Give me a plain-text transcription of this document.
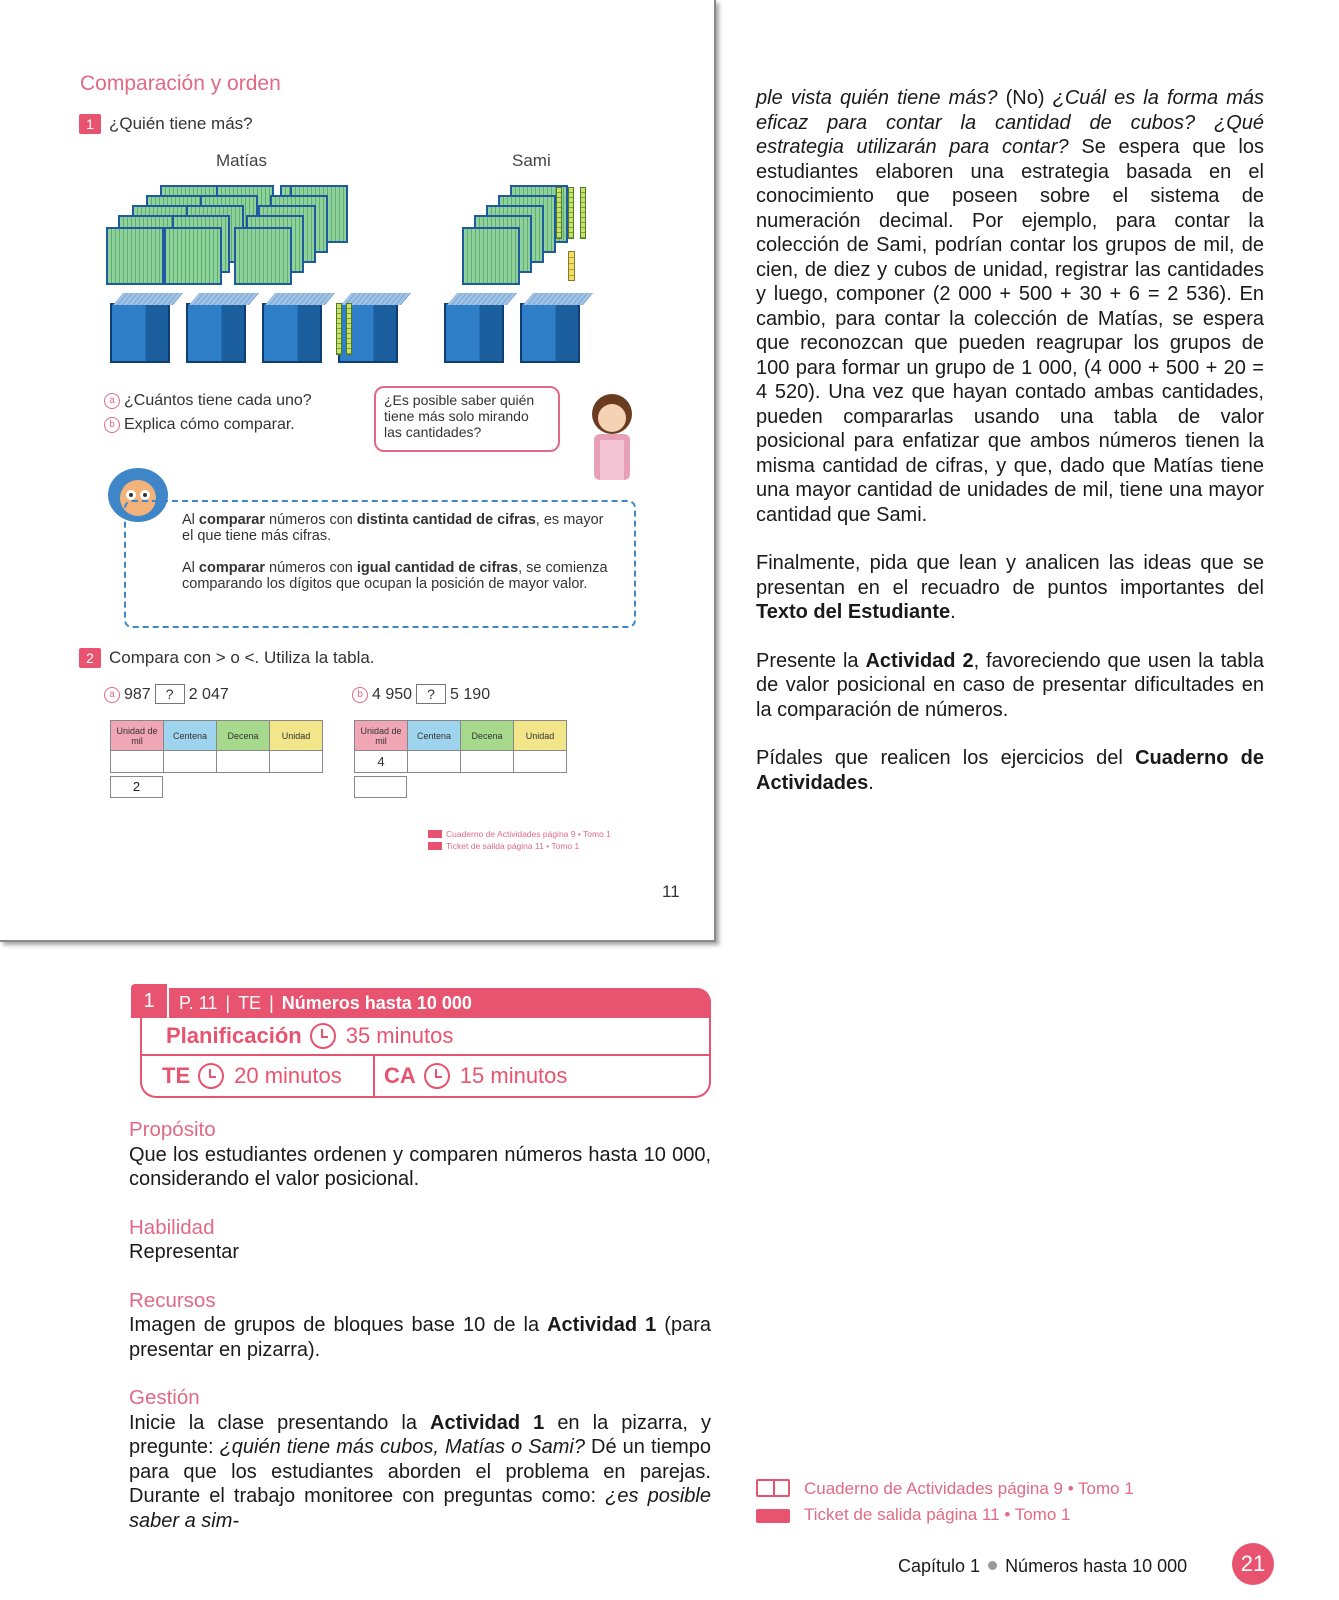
Comparación y orden
1 ¿Quién tiene más?
Matías	Sami
a ¿Cuántos tiene cada uno?
b Explica cómo comparar.
¿Es posible saber quién tiene más solo mirando las cantidades?

Al comparar números con distinta cantidad de cifras, es mayor el que tiene más cifras.

Al comparar números con igual cantidad de cifras, se comienza comparando los dígitos que ocupan la posición de mayor valor.

2 Compara con > o <. Utiliza la tabla.
a 987 ? 2 047	b 4 950 ? 5 190
Unidad de mil	Centena	Decena	Unidad

2
Unidad de mil	Centena	Decena	Unidad
4			
Cuaderno de Actividades página 9 • Tomo 1
Ticket de salida página 11 • Tomo 1
11
1	P. 11 | TE | Números hasta 10 000
Planificación 35 minutos
TE 20 minutos CA 15 minutos
Propósito
Que los estudiantes ordenen y comparen números hasta 10 000, considerando el valor posicional.
Habilidad
Representar
Recursos
Imagen de grupos de bloques base 10 de la Actividad 1 (para presentar en pizarra).
Gestión
Inicie la clase presentando la Actividad 1 en la pizarra, y pregunte: ¿quién tiene más cubos, Matías o Sami? Dé un tiempo para que los estudiantes aborden el problema en parejas. Durante el trabajo monitoree con preguntas como: ¿es posible saber a sim-
ple vista quién tiene más? (No) ¿Cuál es la forma más eficaz para contar la cantidad de cubos? ¿Qué estrategia utilizarán para contar? Se espera que los estudiantes elaboren una estrategia basada en el conocimiento que poseen sobre el sistema de numeración decimal. Por ejemplo, para contar la colección de Sami, podrían contar los grupos de mil, de cien, de diez y cubos de unidad, registrar las cantidades y luego, componer (2 000 + 500 + 30 + 6 = 2 536). En cambio, para contar la colección de Matías, se espera que reconozcan que pueden reagrupar los grupos de 100 para formar un grupo de 1 000, (4 000 + 500 + 20 = 4 520). Una vez que hayan contado ambas cantidades, pueden compararlas usando una tabla de valor posicional para enfatizar que ambos números tienen la misma cantidad de cifras, y que, dado que Matías tiene una mayor cantidad de unidades de mil, tiene una mayor cantidad que Sami.
Finalmente, pida que lean y analicen las ideas que se presentan en el recuadro de puntos importantes del Texto del Estudiante.
Presente la Actividad 2, favoreciendo que usen la tabla de valor posicional en caso de presentar dificultades en la comparación de números.
Pídales que realicen los ejercicios del Cuaderno de Actividades.
Cuaderno de Actividades página 9 • Tomo 1
Ticket de salida página 11 • Tomo 1
Capítulo 1 Números hasta 10 000	21
